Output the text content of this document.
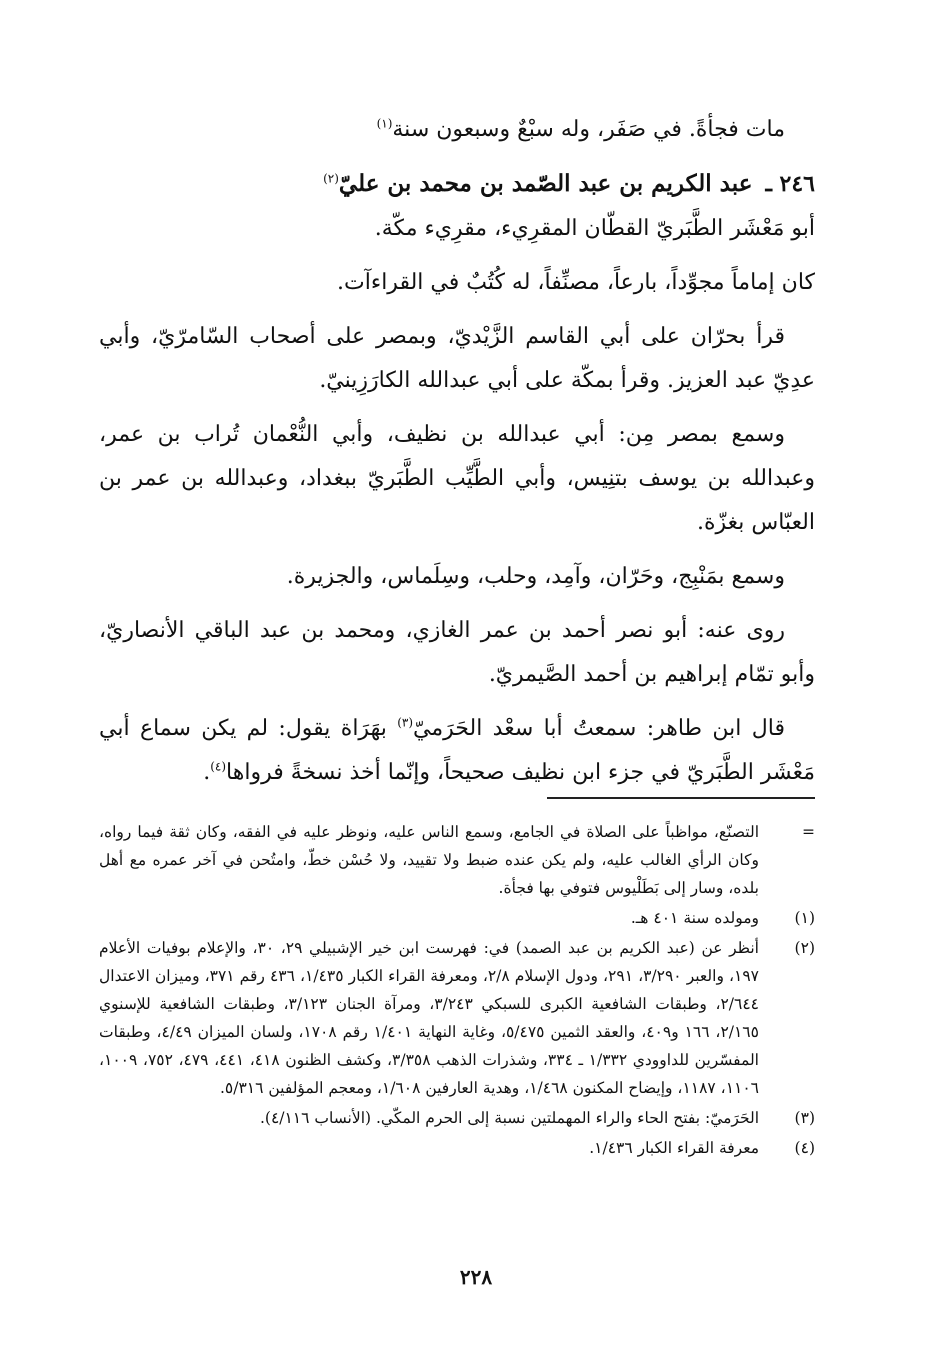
مات فجأةً. في صَفَر، وله سبْعٌ وسبعون سنة$^{(١)}$

٢٤٦ ـ عبد الكريم بن عبد الصّمد بن محمد بن عليّ$^{(٢)}$

أبو مَعْشَر الطَّبَريّ القطّان المقرِيء، مقرِيء مكّة.

كان إماماً مجوِّداً، بارعاً، مصنِّفاً، له كُتُبٌ في القراءآت.

قرأ بحرّان على أبي القاسم الزَّيْديّ، وبمصر على أصحاب السّامرّيّ، وأبي عدِيّ عبد العزيز. وقرأ بمكّة على أبي عبدالله الكارَزِينيّ.

وسمع بمصر مِن: أبي عبدالله بن نظيف، وأبي النُّعْمان تُراب بن عمر، وعبدالله بن يوسف بتنِيس، وأبي الطَّيِّب الطَّبَريّ ببغداد، وعبدالله بن عمر بن العبّاس بغزّة.

وسمع بمَنْبِج، وحَرّان، وآمِد، وحلب، وسِلَماس، والجزيرة.

روى عنه: أبو نصر أحمد بن عمر الغازي، ومحمد بن عبد الباقي الأنصاريّ، وأبو تمّام إبراهيم بن أحمد الصَّيمريّ.

قال ابن طاهر: سمعتُ أبا سعْد الحَرَميّ$^{(٣)}$ بهَرَاة يقول: لم يكن سماع أبي مَعْشَر الطَّبَريّ في جزء ابن نظيف صحيحاً، وإنّما أخذ نسخةً فرواها$^{(٤)}$.

=
التصنّع، مواظباً على الصلاة في الجامع، وسمع الناس عليه، ونوظر عليه في الفقه، وكان ثقة فيما رواه، وكان الرأي الغالب عليه، ولم يكن عنده ضبط ولا تقييد، ولا حُسْن خطّ، وامتُحن في آخر عمره مع أهل بلده، وسار إلى بَطَلْيوس فتوفي بها فجأة.
(١)
ومولده سنة ٤٠١ هـ.
(٢)
أنظر عن (عبد الكريم بن عبد الصمد) في: فهرست ابن خير الإشبيلي ٢٩، ٣٠، والإعلام بوفيات الأعلام ١٩٧، والعبر ٣/٢٩٠، ٢٩١، ودول الإسلام ٢/٨، ومعرفة القراء الكبار ١/٤٣٥، ٤٣٦ رقم ٣٧١، وميزان الاعتدال ٢/٦٤٤، وطبقات الشافعية الكبرى للسبكي ٣/٢٤٣، ومرآة الجنان ٣/١٢٣، وطبقات الشافعية للإسنوي ٢/١٦٥، ١٦٦ و٤٠٩، والعقد الثمين ٥/٤٧٥، وغاية النهاية ١/٤٠١ رقم ١٧٠٨، ولسان الميزان ٤/٤٩، وطبقات المفسّرين للداوودي ١/٣٣٢ ـ ٣٣٤، وشذرات الذهب ٣/٣٥٨، وكشف الظنون ٤١٨، ٤٤١، ٤٧٩، ٧٥٢، ١٠٠٩، ١١٠٦، ١١٨٧، وإيضاح المكنون ١/٤٦٨، وهدية العارفين ١/٦٠٨، ومعجم المؤلفين ٥/٣١٦.
(٣)
الحَرَميّ: بفتح الحاء والراء المهملتين نسبة إلى الحرم المكّي. (الأنساب ٤/١١٦).
(٤)
معرفة القراء الكبار ١/٤٣٦.
٢٢٨
